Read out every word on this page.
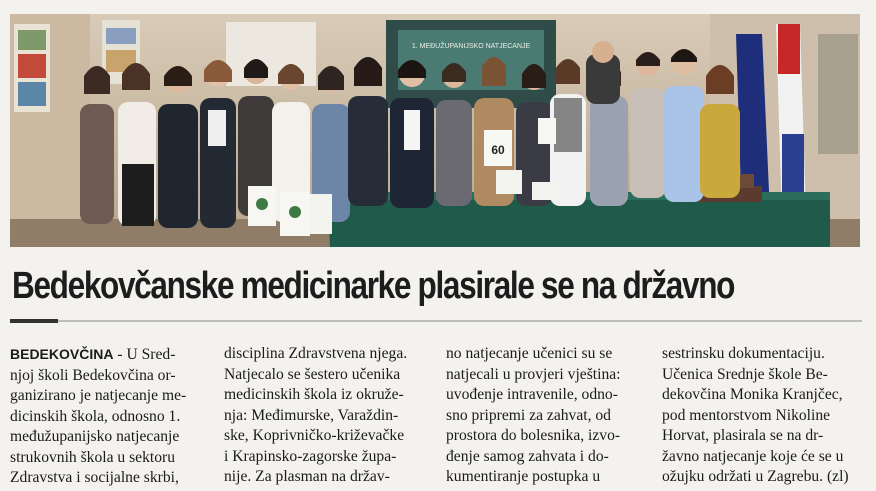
1. MEĐUŽUPANIJSKO NATJECANJE
60
Bedekovčanske medicinarke plasirale se na državno
BEDEKOVČINA - U Sred-
njoj školi Bedekovčina or-
ganizirano je natjecanje me-
dicinskih škola, odnosno 1.
međužupanijsko natjecanje
strukovnih škola u sektoru
Zdravstva i socijalne skrbi,
disciplina Zdravstvena njega.
Natjecalo se šestero učenika
medicinskih škola iz okruže-
nja: Međimurske, Varaždin-
ske, Koprivničko-križevačke
i Krapinsko-zagorske župa-
nije. Za plasman na držav-
no natjecanje učenici su se
natjecali u provjeri vještina:
uvođenje intravenile, odno-
sno pripremi za zahvat, od
prostora do bolesnika, izvo-
đenje samog zahvata i do-
kumentiranje postupka u
sestrinsku dokumentaciju.
Učenica Srednje škole Be-
dekovčina Monika Kranjčec,
pod mentorstvom Nikoline
Horvat, plasirala se na dr-
žavno natjecanje koje će se u
ožujku održati u Zagrebu. (zl)
